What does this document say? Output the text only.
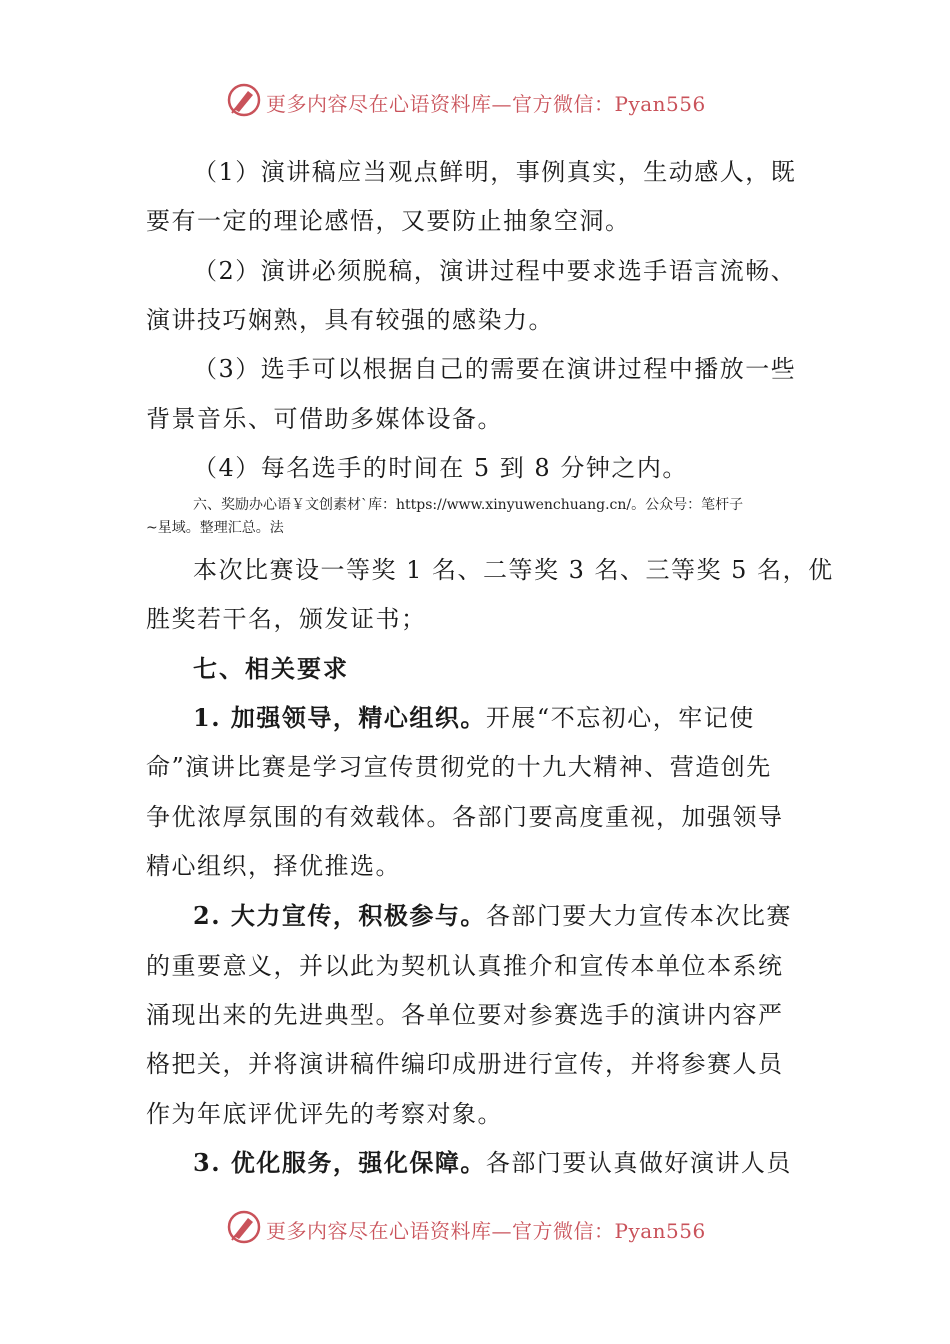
更多内容尽在心语资料库—官方微信：Pyan556
（1）演讲稿应当观点鲜明，事例真实，生动感人，既
要有一定的理论感悟，又要防止抽象空洞。
（2）演讲必须脱稿，演讲过程中要求选手语言流畅、
演讲技巧娴熟，具有较强的感染力。
（3）选手可以根据自己的需要在演讲过程中播放一些
背景音乐、可借助多媒体设备。
（4）每名选手的时间在 5 到 8 分钟之内。
六、奖励办心语￥文创素材`库：https://www.xinyuwenchuang.cn/。公众号：笔杆子
~星域。整理汇总。法
本次比赛设一等奖 1 名、二等奖 3 名、三等奖 5 名，优
胜奖若干名，颁发证书；
七、相关要求
1. 加强领导，精心组织。开展“不忘初心，牢记使
命”演讲比赛是学习宣传贯彻党的十九大精神、营造创先
争优浓厚氛围的有效载体。各部门要高度重视，加强领导
精心组织，择优推选。
2. 大力宣传，积极参与。各部门要大力宣传本次比赛
的重要意义，并以此为契机认真推介和宣传本单位本系统
涌现出来的先进典型。各单位要对参赛选手的演讲内容严
格把关，并将演讲稿件编印成册进行宣传，并将参赛人员
作为年底评优评先的考察对象。
3. 优化服务，强化保障。各部门要认真做好演讲人员
更多内容尽在心语资料库—官方微信：Pyan556
